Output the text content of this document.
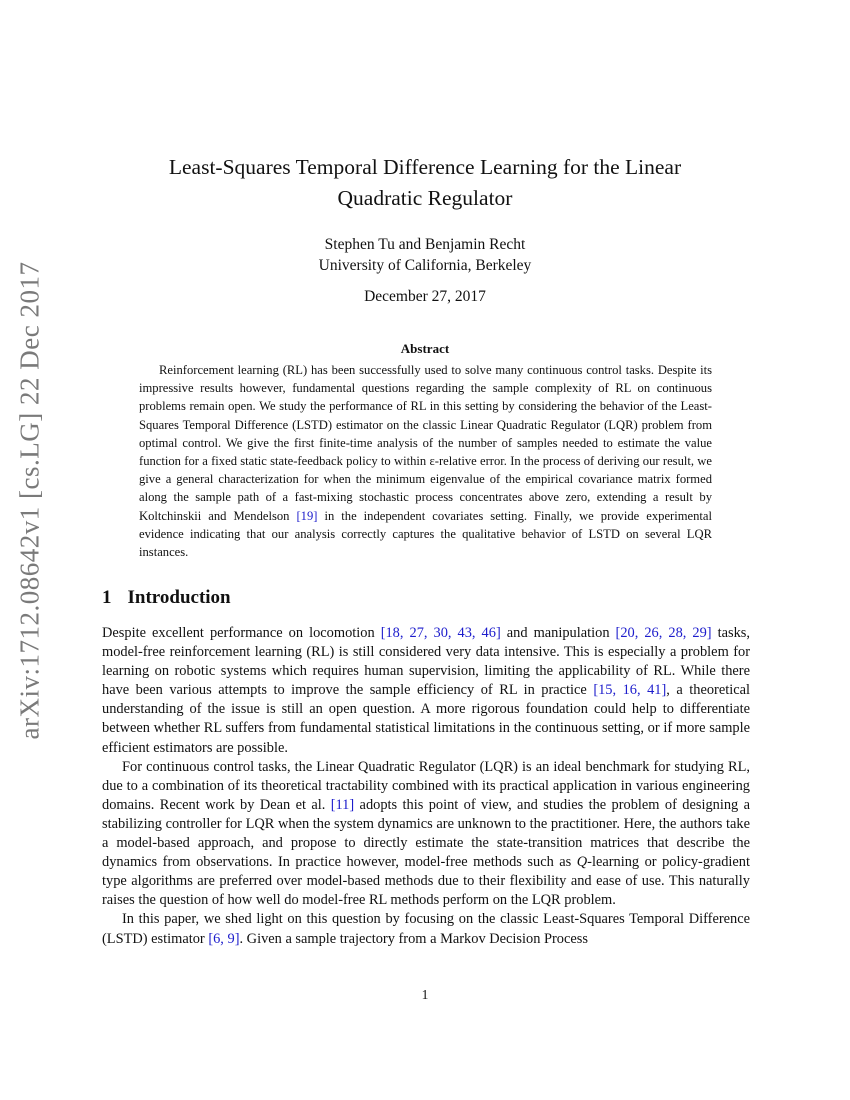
arXiv:1712.08642v1 [cs.LG] 22 Dec 2017
Least-Squares Temporal Difference Learning for the Linear
Quadratic Regulator
Stephen Tu and Benjamin Recht
University of California, Berkeley
December 27, 2017
Abstract
Reinforcement learning (RL) has been successfully used to solve many continuous control tasks. Despite its impressive results however, fundamental questions regarding the sample complexity of RL on continuous problems remain open. We study the performance of RL in this setting by considering the behavior of the Least-Squares Temporal Difference (LSTD) estimator on the classic Linear Quadratic Regulator (LQR) problem from optimal control. We give the first finite-time analysis of the number of samples needed to estimate the value function for a fixed static state-feedback policy to within ε-relative error. In the process of deriving our result, we give a general characterization for when the minimum eigenvalue of the empirical covariance matrix formed along the sample path of a fast-mixing stochastic process concentrates above zero, extending a result by Koltchinskii and Mendelson [19] in the independent covariates setting. Finally, we provide experimental evidence indicating that our analysis correctly captures the qualitative behavior of LSTD on several LQR instances.
1 Introduction

Despite excellent performance on locomotion [18, 27, 30, 43, 46] and manipulation [20, 26, 28, 29] tasks, model-free reinforcement learning (RL) is still considered very data intensive. This is especially a problem for learning on robotic systems which requires human supervision, limiting the applicability of RL. While there have been various attempts to improve the sample efficiency of RL in practice [15, 16, 41], a theoretical understanding of the issue is still an open question. A more rigorous foundation could help to differentiate between whether RL suffers from fundamental statistical limitations in the continuous setting, or if more sample efficient estimators are possible.

For continuous control tasks, the Linear Quadratic Regulator (LQR) is an ideal benchmark for studying RL, due to a combination of its theoretical tractability combined with its practical application in various engineering domains. Recent work by Dean et al. [11] adopts this point of view, and studies the problem of designing a stabilizing controller for LQR when the system dynamics are unknown to the practitioner. Here, the authors take a model-based approach, and propose to directly estimate the state-transition matrices that describe the dynamics from observations. In practice however, model-free methods such as Q-learning or policy-gradient type algorithms are preferred over model-based methods due to their flexibility and ease of use. This naturally raises the question of how well do model-free RL methods perform on the LQR problem.

In this paper, we shed light on this question by focusing on the classic Least-Squares Temporal Difference (LSTD) estimator [6, 9]. Given a sample trajectory from a Markov Decision Process

1
